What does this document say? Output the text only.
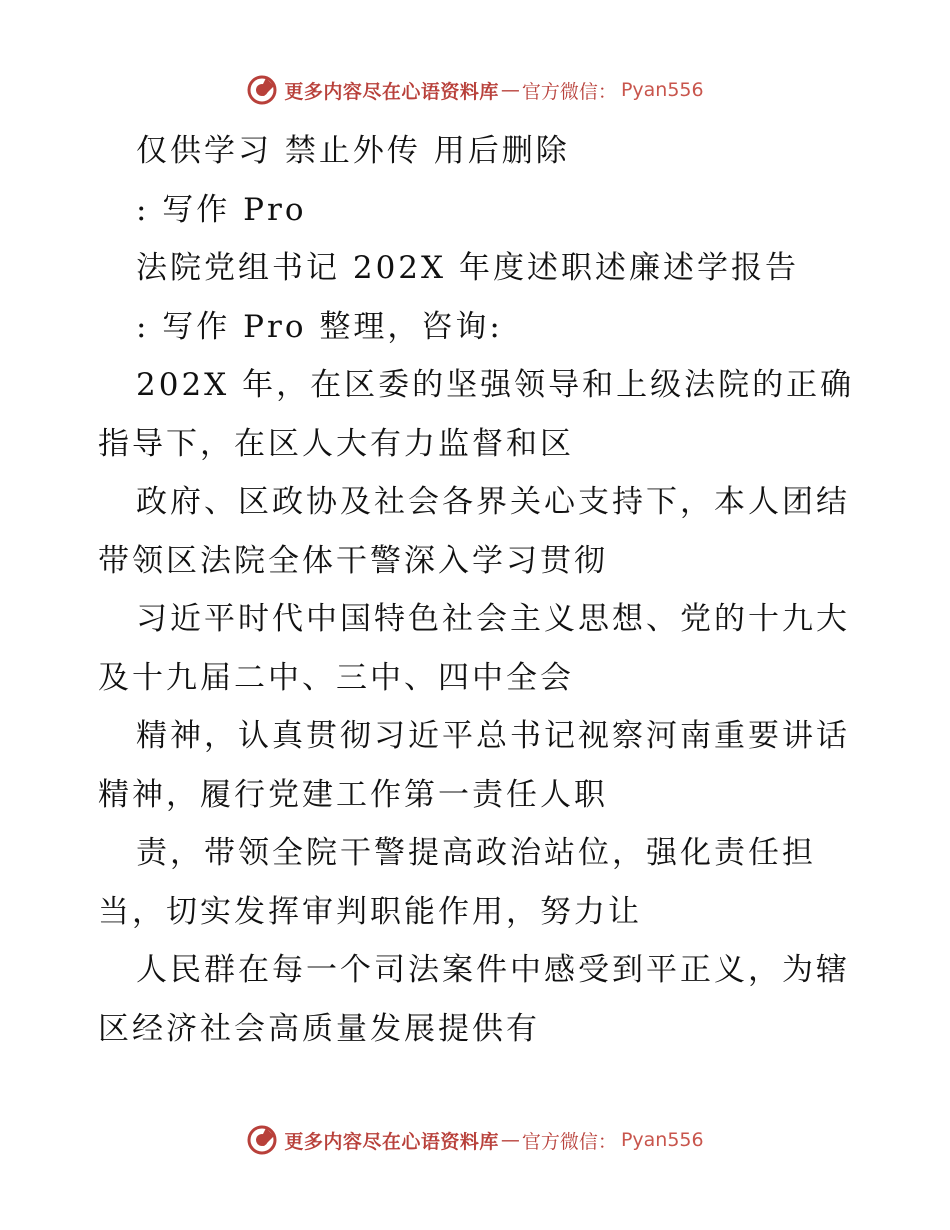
更多内容尽在心语资料库 — 官方微信： Pyan556
仅供学习 禁止外传 用后删除
: 写作 Pro
法院党组书记 202X 年度述职述廉述学报告
: 写作 Pro 整理，咨询:
202X 年，在区委的坚强领导和上级法院的正确
指导下，在区人大有力监督和区
政府、区政协及社会各界关心支持下，本人团结
带领区法院全体干警深入学习贯彻
习近平时代中国特色社会主义思想、党的十九大
及十九届二中、三中、四中全会
精神，认真贯彻习近平总书记视察河南重要讲话
精神，履行党建工作第一责任人职
责，带领全院干警提高政治站位，强化责任担
当，切实发挥审判职能作用，努力让
人民群在每一个司法案件中感受到平正义，为辖
区经济社会高质量发展提供有
更多内容尽在心语资料库 — 官方微信： Pyan556
